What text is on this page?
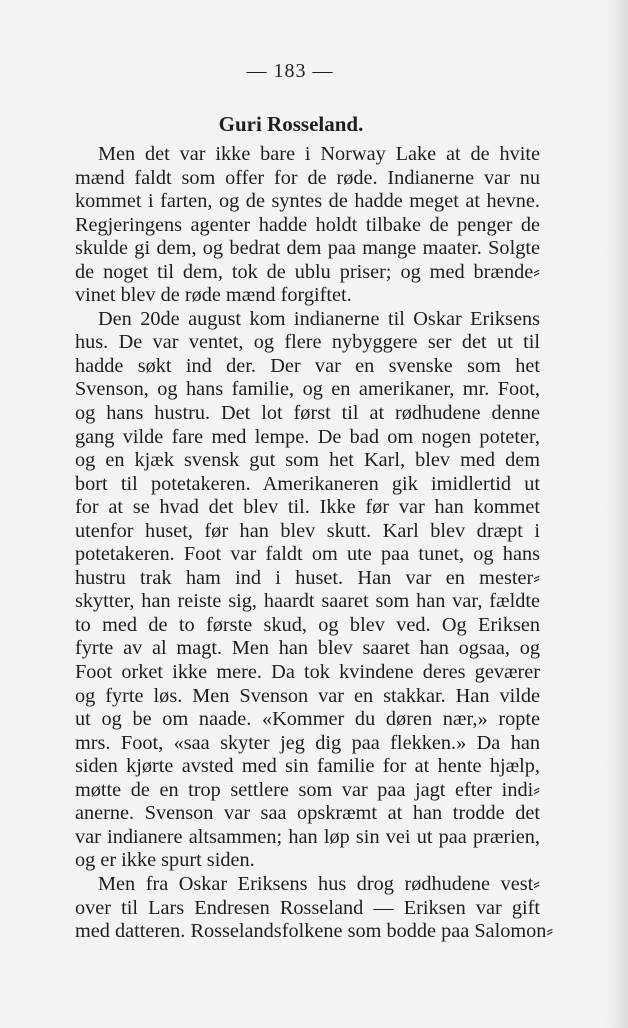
— 183 —
Guri Rosseland.
Men det var ikke bare i Norway Lake at de hvite
mænd faldt som offer for de røde. Indianerne var nu
kommet i farten, og de syntes de hadde meget at hevne.
Regjeringens agenter hadde holdt tilbake de penger de
skulde gi dem, og bedrat dem paa mange maater. Solgte
de noget til dem, tok de ublu priser; og med brænde⸗
vinet blev de røde mænd forgiftet.
Den 20de august kom indianerne til Oskar Eriksens
hus. De var ventet, og flere nybyggere ser det ut til
hadde søkt ind der. Der var en svenske som het
Svenson, og hans familie, og en amerikaner, mr. Foot,
og hans hustru. Det lot først til at rødhudene denne
gang vilde fare med lempe. De bad om nogen poteter,
og en kjæk svensk gut som het Karl, blev med dem
bort til potetakeren. Amerikaneren gik imidlertid ut
for at se hvad det blev til. Ikke før var han kommet
utenfor huset, før han blev skutt. Karl blev dræpt i
potetakeren. Foot var faldt om ute paa tunet, og hans
hustru trak ham ind i huset. Han var en mester⸗
skytter, han reiste sig, haardt saaret som han var, fældte
to med de to første skud, og blev ved. Og Eriksen
fyrte av al magt. Men han blev saaret han ogsaa, og
Foot orket ikke mere. Da tok kvindene deres geværer
og fyrte løs. Men Svenson var en stakkar. Han vilde
ut og be om naade. «Kommer du døren nær,» ropte
mrs. Foot, «saa skyter jeg dig paa flekken.» Da han
siden kjørte avsted med sin familie for at hente hjælp,
møtte de en trop settlere som var paa jagt efter indi⸗
anerne. Svenson var saa opskræmt at han trodde det
var indianere altsammen; han løp sin vei ut paa prærien,
og er ikke spurt siden.
Men fra Oskar Eriksens hus drog rødhudene vest⸗
over til Lars Endresen Rosseland — Eriksen var gift
med datteren. Rosselandsfolkene som bodde paa Salomon⸗
